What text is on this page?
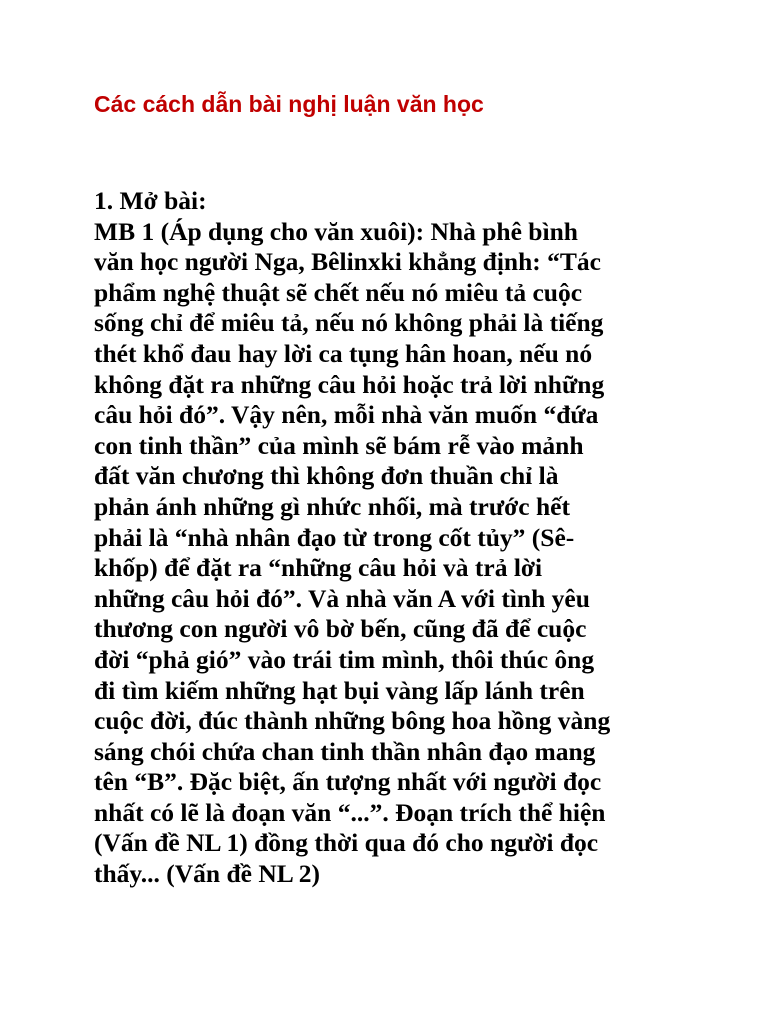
Các cách dẫn bài nghị luận văn học
1. Mở bài:
MB 1 (Áp dụng cho văn xuôi): Nhà phê bình
văn học người Nga, Bêlinxki khẳng định: “Tác
phẩm nghệ thuật sẽ chết nếu nó miêu tả cuộc
sống chỉ để miêu tả, nếu nó không phải là tiếng
thét khổ đau hay lời ca tụng hân hoan, nếu nó
không đặt ra những câu hỏi hoặc trả lời những
câu hỏi đó”. Vậy nên, mỗi nhà văn muốn “đứa
con tinh thần” của mình sẽ bám rễ vào mảnh
đất văn chương thì không đơn thuần chỉ là
phản ánh những gì nhức nhối, mà trước hết
phải là “nhà nhân đạo từ trong cốt tủy” (Sê-
khốp) để đặt ra “những câu hỏi và trả lời
những câu hỏi đó”. Và nhà văn A với tình yêu
thương con người vô bờ bến, cũng đã để cuộc
đời “phả gió” vào trái tim mình, thôi thúc ông
đi tìm kiếm những hạt bụi vàng lấp lánh trên
cuộc đời, đúc thành những bông hoa hồng vàng
sáng chói chứa chan tinh thần nhân đạo mang
tên “B”. Đặc biệt, ấn tượng nhất với người đọc
nhất có lẽ là đoạn văn “...”. Đoạn trích thể hiện
(Vấn đề NL 1) đồng thời qua đó cho người đọc
thấy... (Vấn đề NL 2)
